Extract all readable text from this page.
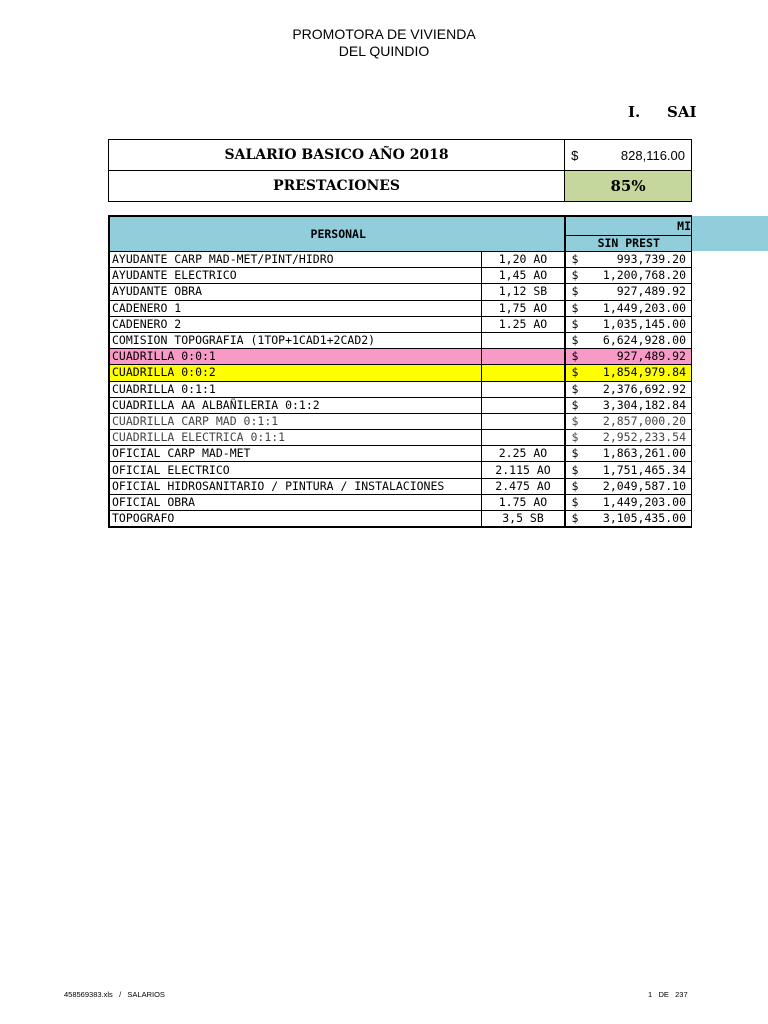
PROMOTORA DE VIVIENDA
DEL QUINDIO
I. SAI
SALARIO BASICO AÑO 2018	$ 828,116.00

PRESTACIONES	85%
PERSONAL		MI

		SIN PREST
AYUDANTE CARP MAD-MET/PINT/HIDRO	1,20 AO	$ 993,739.20

AYUDANTE ELECTRICO	1,45 AO	$ 1,200,768.20

AYUDANTE OBRA	1,12 SB	$ 927,489.92

CADENERO 1	1,75 AO	$ 1,449,203.00

CADENERO 2	1.25 AO	$ 1,035,145.00

COMISION TOPOGRAFIA (1TOP+1CAD1+2CAD2)		$ 6,624,928.00

CUADRILLA 0:0:1		$ 927,489.92

CUADRILLA 0:0:2		$ 1,854,979.84

CUADRILLA 0:1:1		$ 2,376,692.92

CUADRILLA AA ALBAÑILERIA 0:1:2		$ 3,304,182.84

CUADRILLA CARP MAD 0:1:1		$ 2,857,000.20

CUADRILLA ELECTRICA 0:1:1		$ 2,952,233.54

OFICIAL CARP MAD-MET	2.25 AO	$ 1,863,261.00

OFICIAL ELECTRICO	2.115 AO	$ 1,751,465.34

OFICIAL HIDROSANITARIO / PINTURA / INSTALACIONES	2.475 AO	$ 2,049,587.10

OFICIAL OBRA	1.75 AO	$ 1,449,203.00

TOPOGRAFO	3,5 SB	$ 3,105,435.00
458569383.xls / SALARIOS	1 DE 237
